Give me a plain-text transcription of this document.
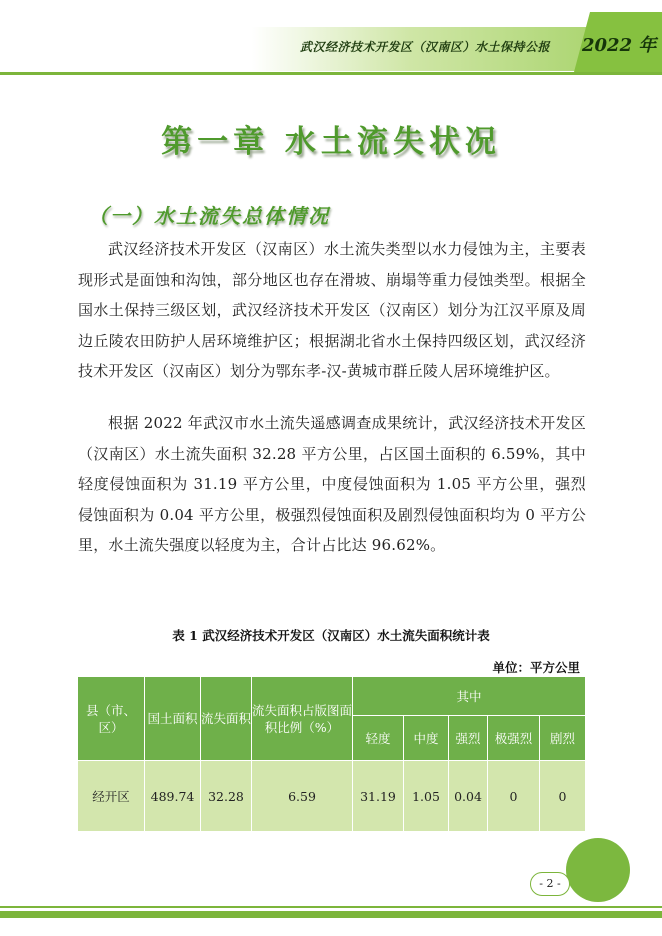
武汉经济技术开发区（汉南区）水土保持公报	2022 年
第一章 水土流失状况
（一）水土流失总体情况

武汉经济技术开发区（汉南区）水土流失类型以水力侵蚀为主，主要表现形式是面蚀和沟蚀，部分地区也存在滑坡、崩塌等重力侵蚀类型。根据全国水土保持三级区划，武汉经济技术开发区（汉南区）划分为江汉平原及周边丘陵农田防护人居环境维护区；根据湖北省水土保持四级区划，武汉经济技术开发区（汉南区）划分为鄂东孝-汉-黄城市群丘陵人居环境维护区。

根据 2022 年武汉市水土流失遥感调查成果统计，武汉经济技术开发区（汉南区）水土流失面积 32.28 平方公里，占区国土面积的 6.59%，其中轻度侵蚀面积为 31.19 平方公里，中度侵蚀面积为 1.05 平方公里，强烈侵蚀面积为 0.04 平方公里，极强烈侵蚀面积及剧烈侵蚀面积均为 0 平方公里，水土流失强度以轻度为主，合计占比达 96.62%。

表 1 武汉经济技术开发区（汉南区）水土流失面积统计表
单位：平方公里
县（市、区）	国土面积	流失面积	流失面积占版图面积比例（%）	其中				
				轻度	中度	强烈	极强烈	剧烈
经开区	489.74	32.28	6.59	31.19	1.05	0.04	0	0
- 2 -
